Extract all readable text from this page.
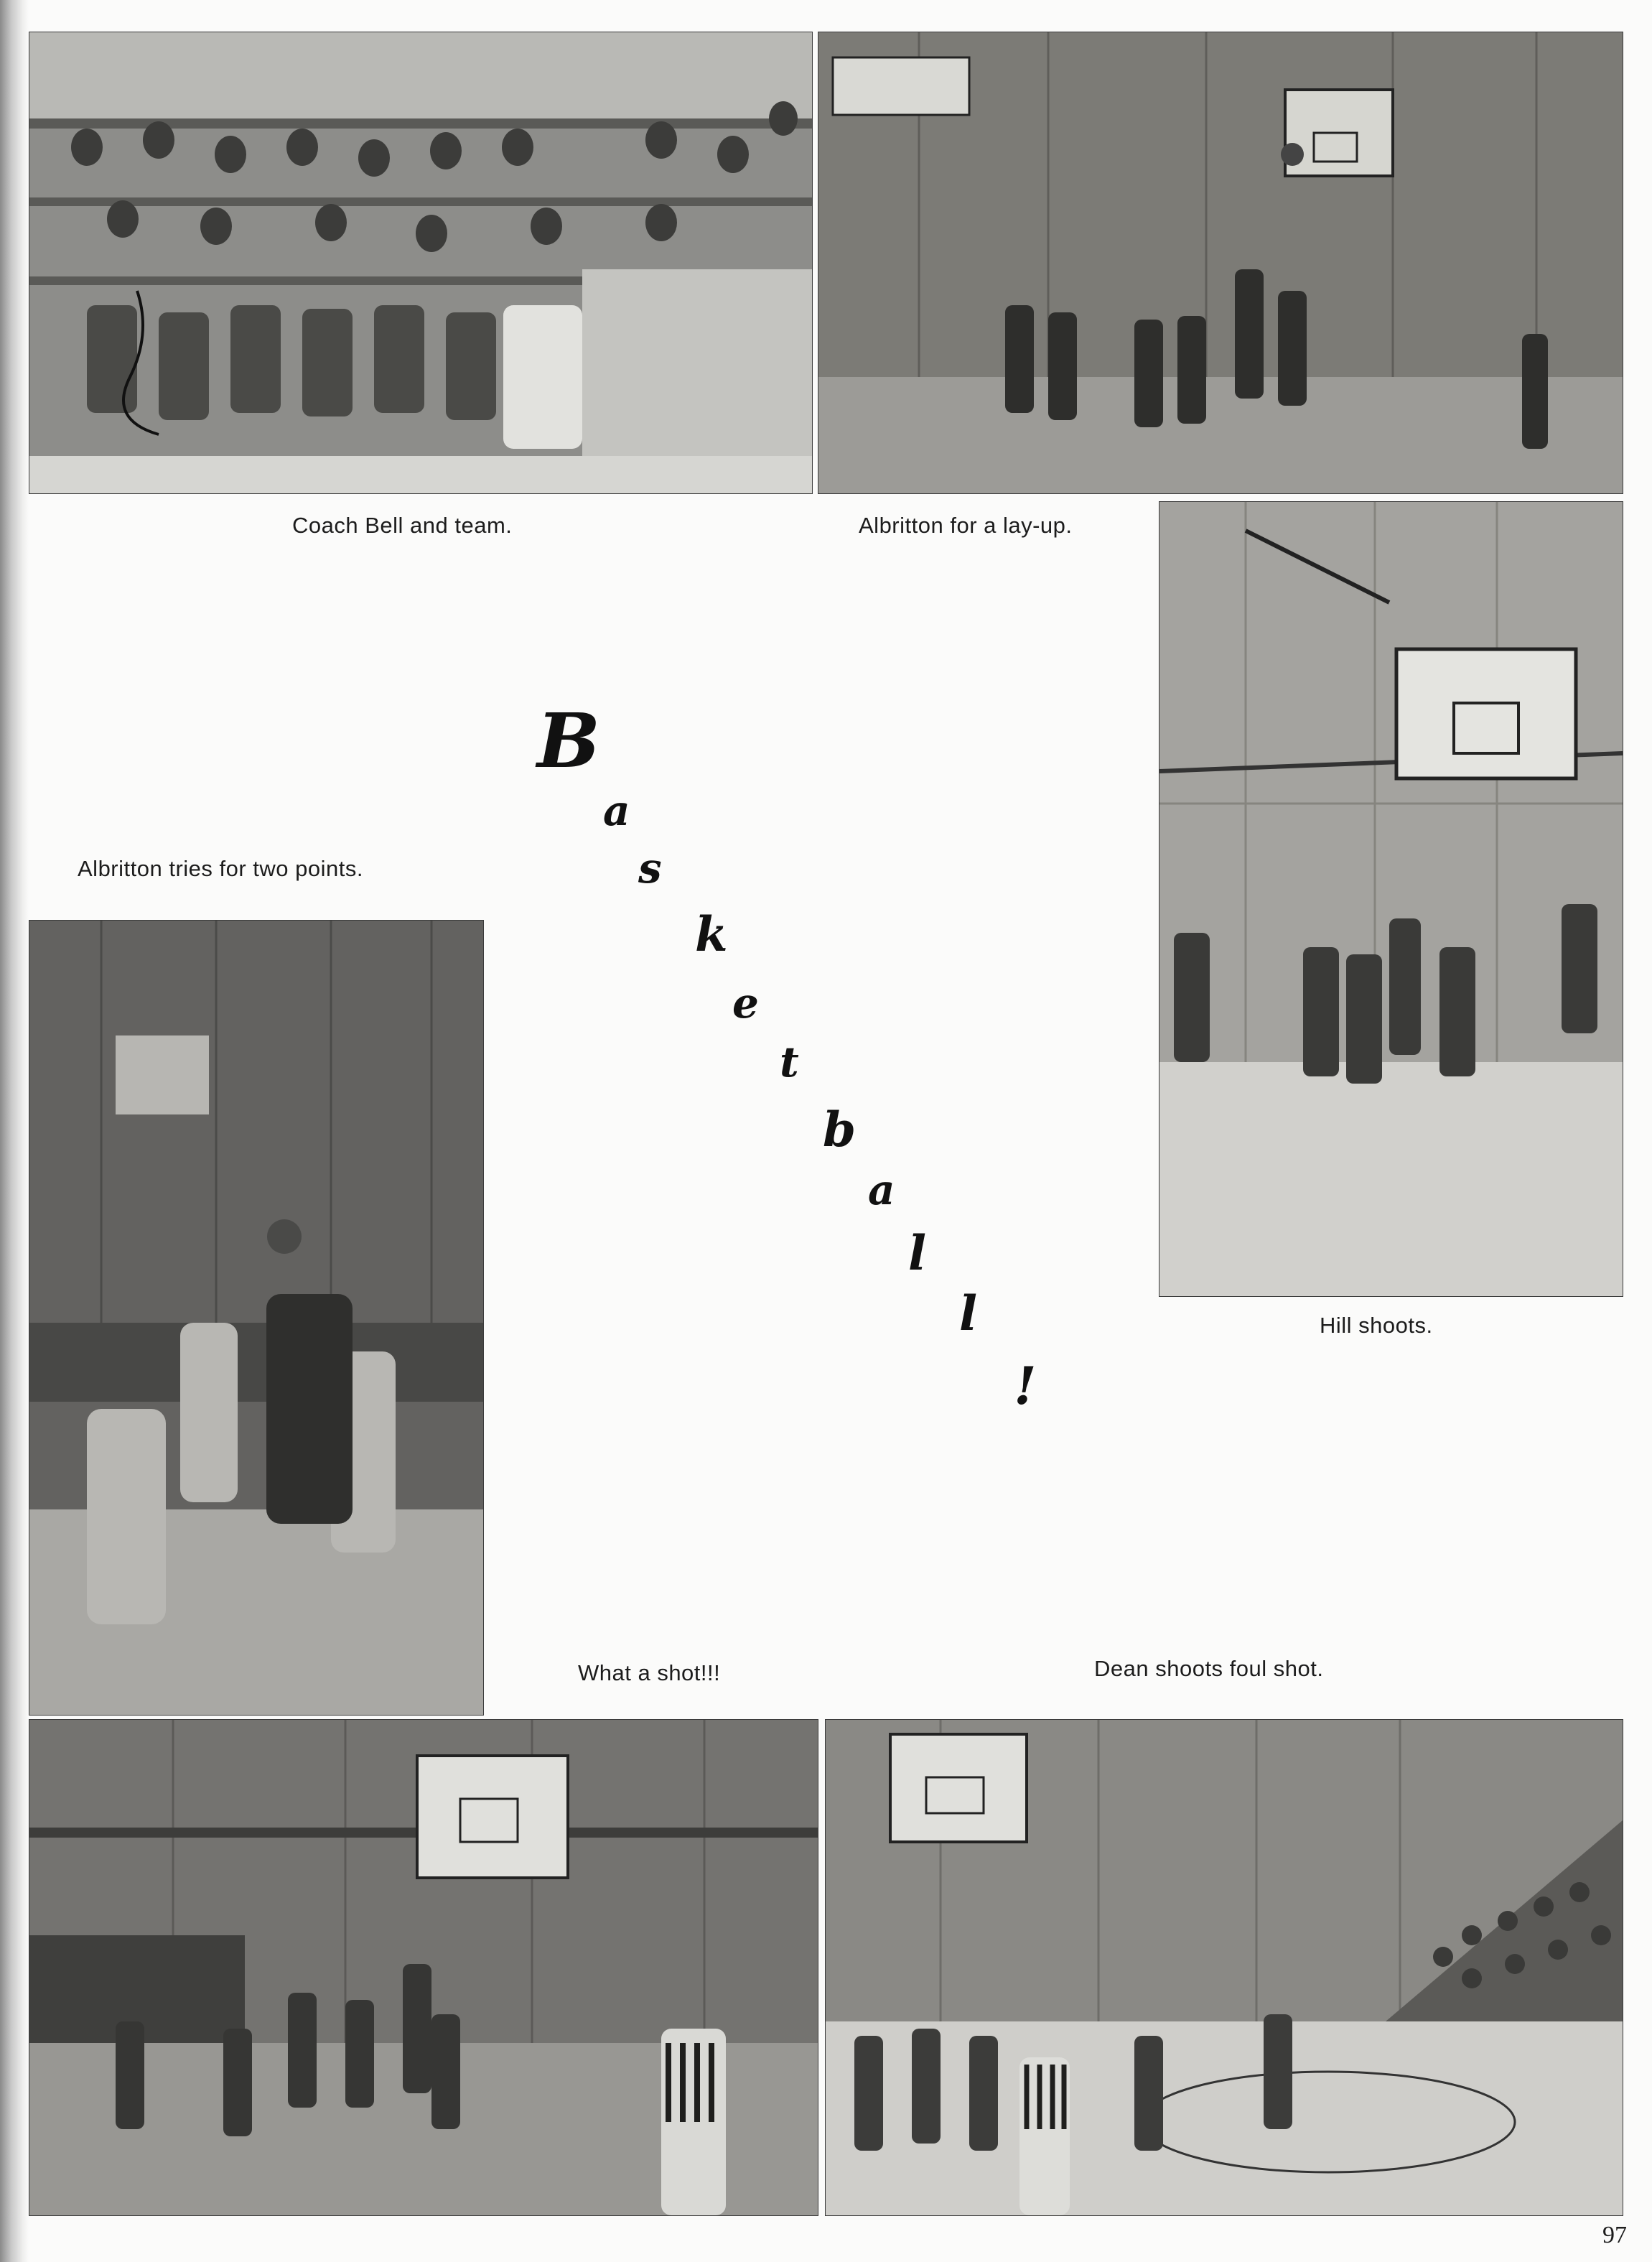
Coach Bell and team.	Albritton for a lay-up.
Albritton tries for two points.
B
a
s
k
e
t
b
a
l
l
!
Hill shoots.
What a shot!!!	Dean shoots foul shot.
97
